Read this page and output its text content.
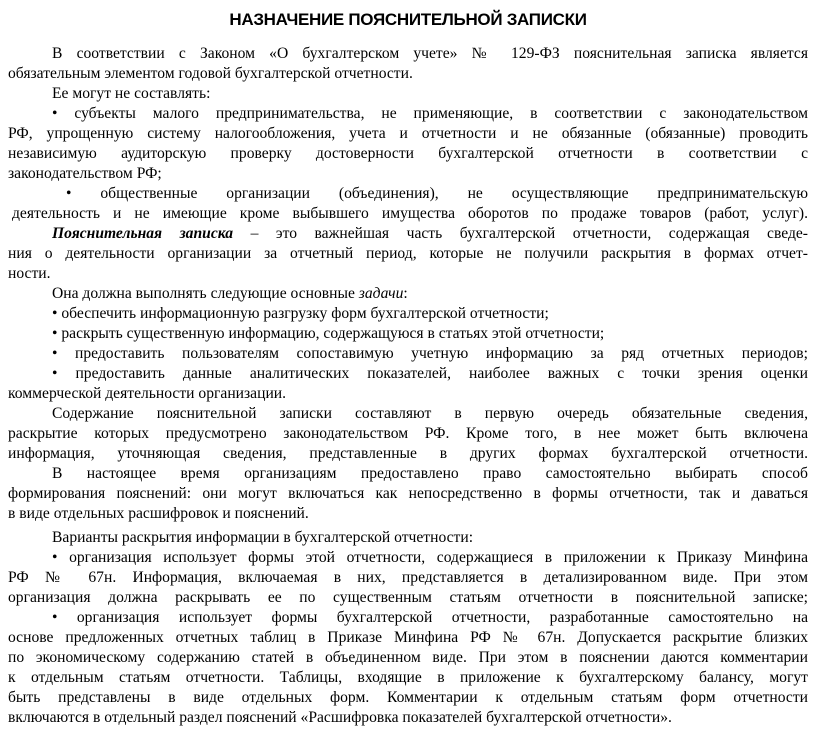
НАЗНАЧЕНИЕ ПОЯСНИТЕЛЬНОЙ ЗАПИСКИ
В соответствии с Законом «О бухгалтерском учете» № 129-ФЗ пояснительная записка является
обязательным элементом годовой бухгалтерской отчетности.
Ее могут не составлять:
• субъекты малого предпринимательства, не применяющие, в соответствии с законодательством
РФ, упрощенную систему налогообложения, учета и отчетности и не обязанные (обязанные) проводить
независимую аудиторскую проверку достоверности бухгалтерской отчетности в соответствии с
законодательством РФ;
• общественные организации (объединения), не осуществляющие предпринимательскую
деятельность и не имеющие кроме выбывшего имущества оборотов по продаже товаров (работ, услуг).
Пояснительная записка – это важнейшая часть бухгалтерской отчетности, содержащая сведе-
ния о деятельности организации за отчетный период, которые не получили раскрытия в формах отчет-
ности.
Она должна выполнять следующие основные задачи:
• обеспечить информационную разгрузку форм бухгалтерской отчетности;
• раскрыть существенную информацию, содержащуюся в статьях этой отчетности;
• предоставить пользователям сопоставимую учетную информацию за ряд отчетных периодов;
• предоставить данные аналитических показателей, наиболее важных с точки зрения оценки
коммерческой деятельности организации.
Содержание пояснительной записки составляют в первую очередь обязательные сведения,
раскрытие которых предусмотрено законодательством РФ. Кроме того, в нее может быть включена
информация, уточняющая сведения, представленные в других формах бухгалтерской отчетности.
В настоящее время организациям предоставлено право самостоятельно выбирать способ
формирования пояснений: они могут включаться как непосредственно в формы отчетности, так и даваться
в виде отдельных расшифровок и пояснений.
Варианты раскрытия информации в бухгалтерской отчетности:
• организация использует формы этой отчетности, содержащиеся в приложении к Приказу Минфина
РФ № 67н. Информация, включаемая в них, представляется в детализированном виде. При этом
организация должна раскрывать ее по существенным статьям отчетности в пояснительной записке;
• организация использует формы бухгалтерской отчетности, разработанные самостоятельно на
основе предложенных отчетных таблиц в Приказе Минфина РФ № 67н. Допускается раскрытие близких
по экономическому содержанию статей в объединенном виде. При этом в пояснении даются комментарии
к отдельным статьям отчетности. Таблицы, входящие в приложение к бухгалтерскому балансу, могут
быть представлены в виде отдельных форм. Комментарии к отдельным статьям форм отчетности
включаются в отдельный раздел пояснений «Расшифровка показателей бухгалтерской отчетности».
